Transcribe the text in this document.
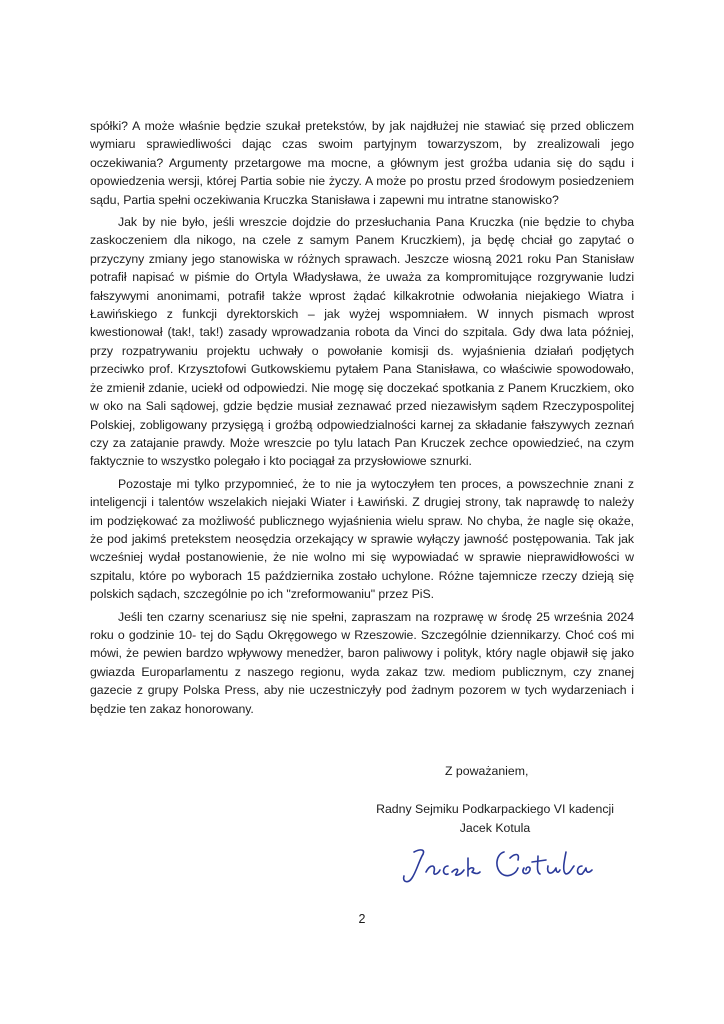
spółki? A może właśnie będzie szukał pretekstów, by jak najdłużej nie stawiać się przed obliczem wymiaru sprawiedliwości dając czas swoim partyjnym towarzyszom, by zrealizowali jego oczekiwania? Argumenty przetargowe ma mocne, a głównym jest groźba udania się do sądu i opowiedzenia wersji, której Partia sobie nie życzy. A może po prostu przed środowym posiedzeniem sądu, Partia spełni oczekiwania Kruczka Stanisława i zapewni mu intratne stanowisko?

Jak by nie było, jeśli wreszcie dojdzie do przesłuchania Pana Kruczka (nie będzie to chyba zaskoczeniem dla nikogo, na czele z samym Panem Kruczkiem), ja będę chciał go zapytać o przyczyny zmiany jego stanowiska w różnych sprawach. Jeszcze wiosną 2021 roku Pan Stanisław potrafił napisać w piśmie do Ortyla Władysława, że uważa za kompromitujące rozgrywanie ludzi fałszywymi anonimami, potrafił także wprost żądać kilkakrotnie odwołania niejakiego Wiatra i Ławińskiego z funkcji dyrektorskich – jak wyżej wspomniałem. W innych pismach wprost kwestionował (tak!, tak!) zasady wprowadzania robota da Vinci do szpitala. Gdy dwa lata później, przy rozpatrywaniu projektu uchwały o powołanie komisji ds. wyjaśnienia działań podjętych przeciwko prof. Krzysztofowi Gutkowskiemu pytałem Pana Stanisława, co właściwie spowodowało, że zmienił zdanie, uciekł od odpowiedzi. Nie mogę się doczekać spotkania z Panem Kruczkiem, oko w oko na Sali sądowej, gdzie będzie musiał zeznawać przed niezawisłym sądem Rzeczypospolitej Polskiej, zobligowany przysięgą i groźbą odpowiedzialności karnej za składanie fałszywych zeznań czy za zatajanie prawdy. Może wreszcie po tylu latach Pan Kruczek zechce opowiedzieć, na czym faktycznie to wszystko polegało i kto pociągał za przysłowiowe sznurki.

Pozostaje mi tylko przypomnieć, że to nie ja wytoczyłem ten proces, a powszechnie znani z inteligencji i talentów wszelakich niejaki Wiater i Ławiński. Z drugiej strony, tak naprawdę to należy im podziękować za możliwość publicznego wyjaśnienia wielu spraw. No chyba, że nagle się okaże, że pod jakimś pretekstem neosędzia orzekający w sprawie wyłączy jawność postępowania. Tak jak wcześniej wydał postanowienie, że nie wolno mi się wypowiadać w sprawie nieprawidłowości w szpitalu, które po wyborach 15 października zostało uchylone. Różne tajemnicze rzeczy dzieją się polskich sądach, szczególnie po ich "zreformowaniu" przez PiS.

Jeśli ten czarny scenariusz się nie spełni, zapraszam na rozprawę w środę 25 września 2024 roku o godzinie 10- tej do Sądu Okręgowego w Rzeszowie. Szczególnie dziennikarzy. Choć coś mi mówi, że pewien bardzo wpływowy menedżer, baron paliwowy i polityk, który nagle objawił się jako gwiazda Europarlamentu z naszego regionu, wyda zakaz tzw. mediom publicznym, czy znanej gazecie z grupy Polska Press, aby nie uczestniczyły pod żadnym pozorem w tych wydarzeniach i będzie ten zakaz honorowany.

Z poważaniem,
Radny Sejmiku Podkarpackiego VI kadencji
Jacek Kotula
2
